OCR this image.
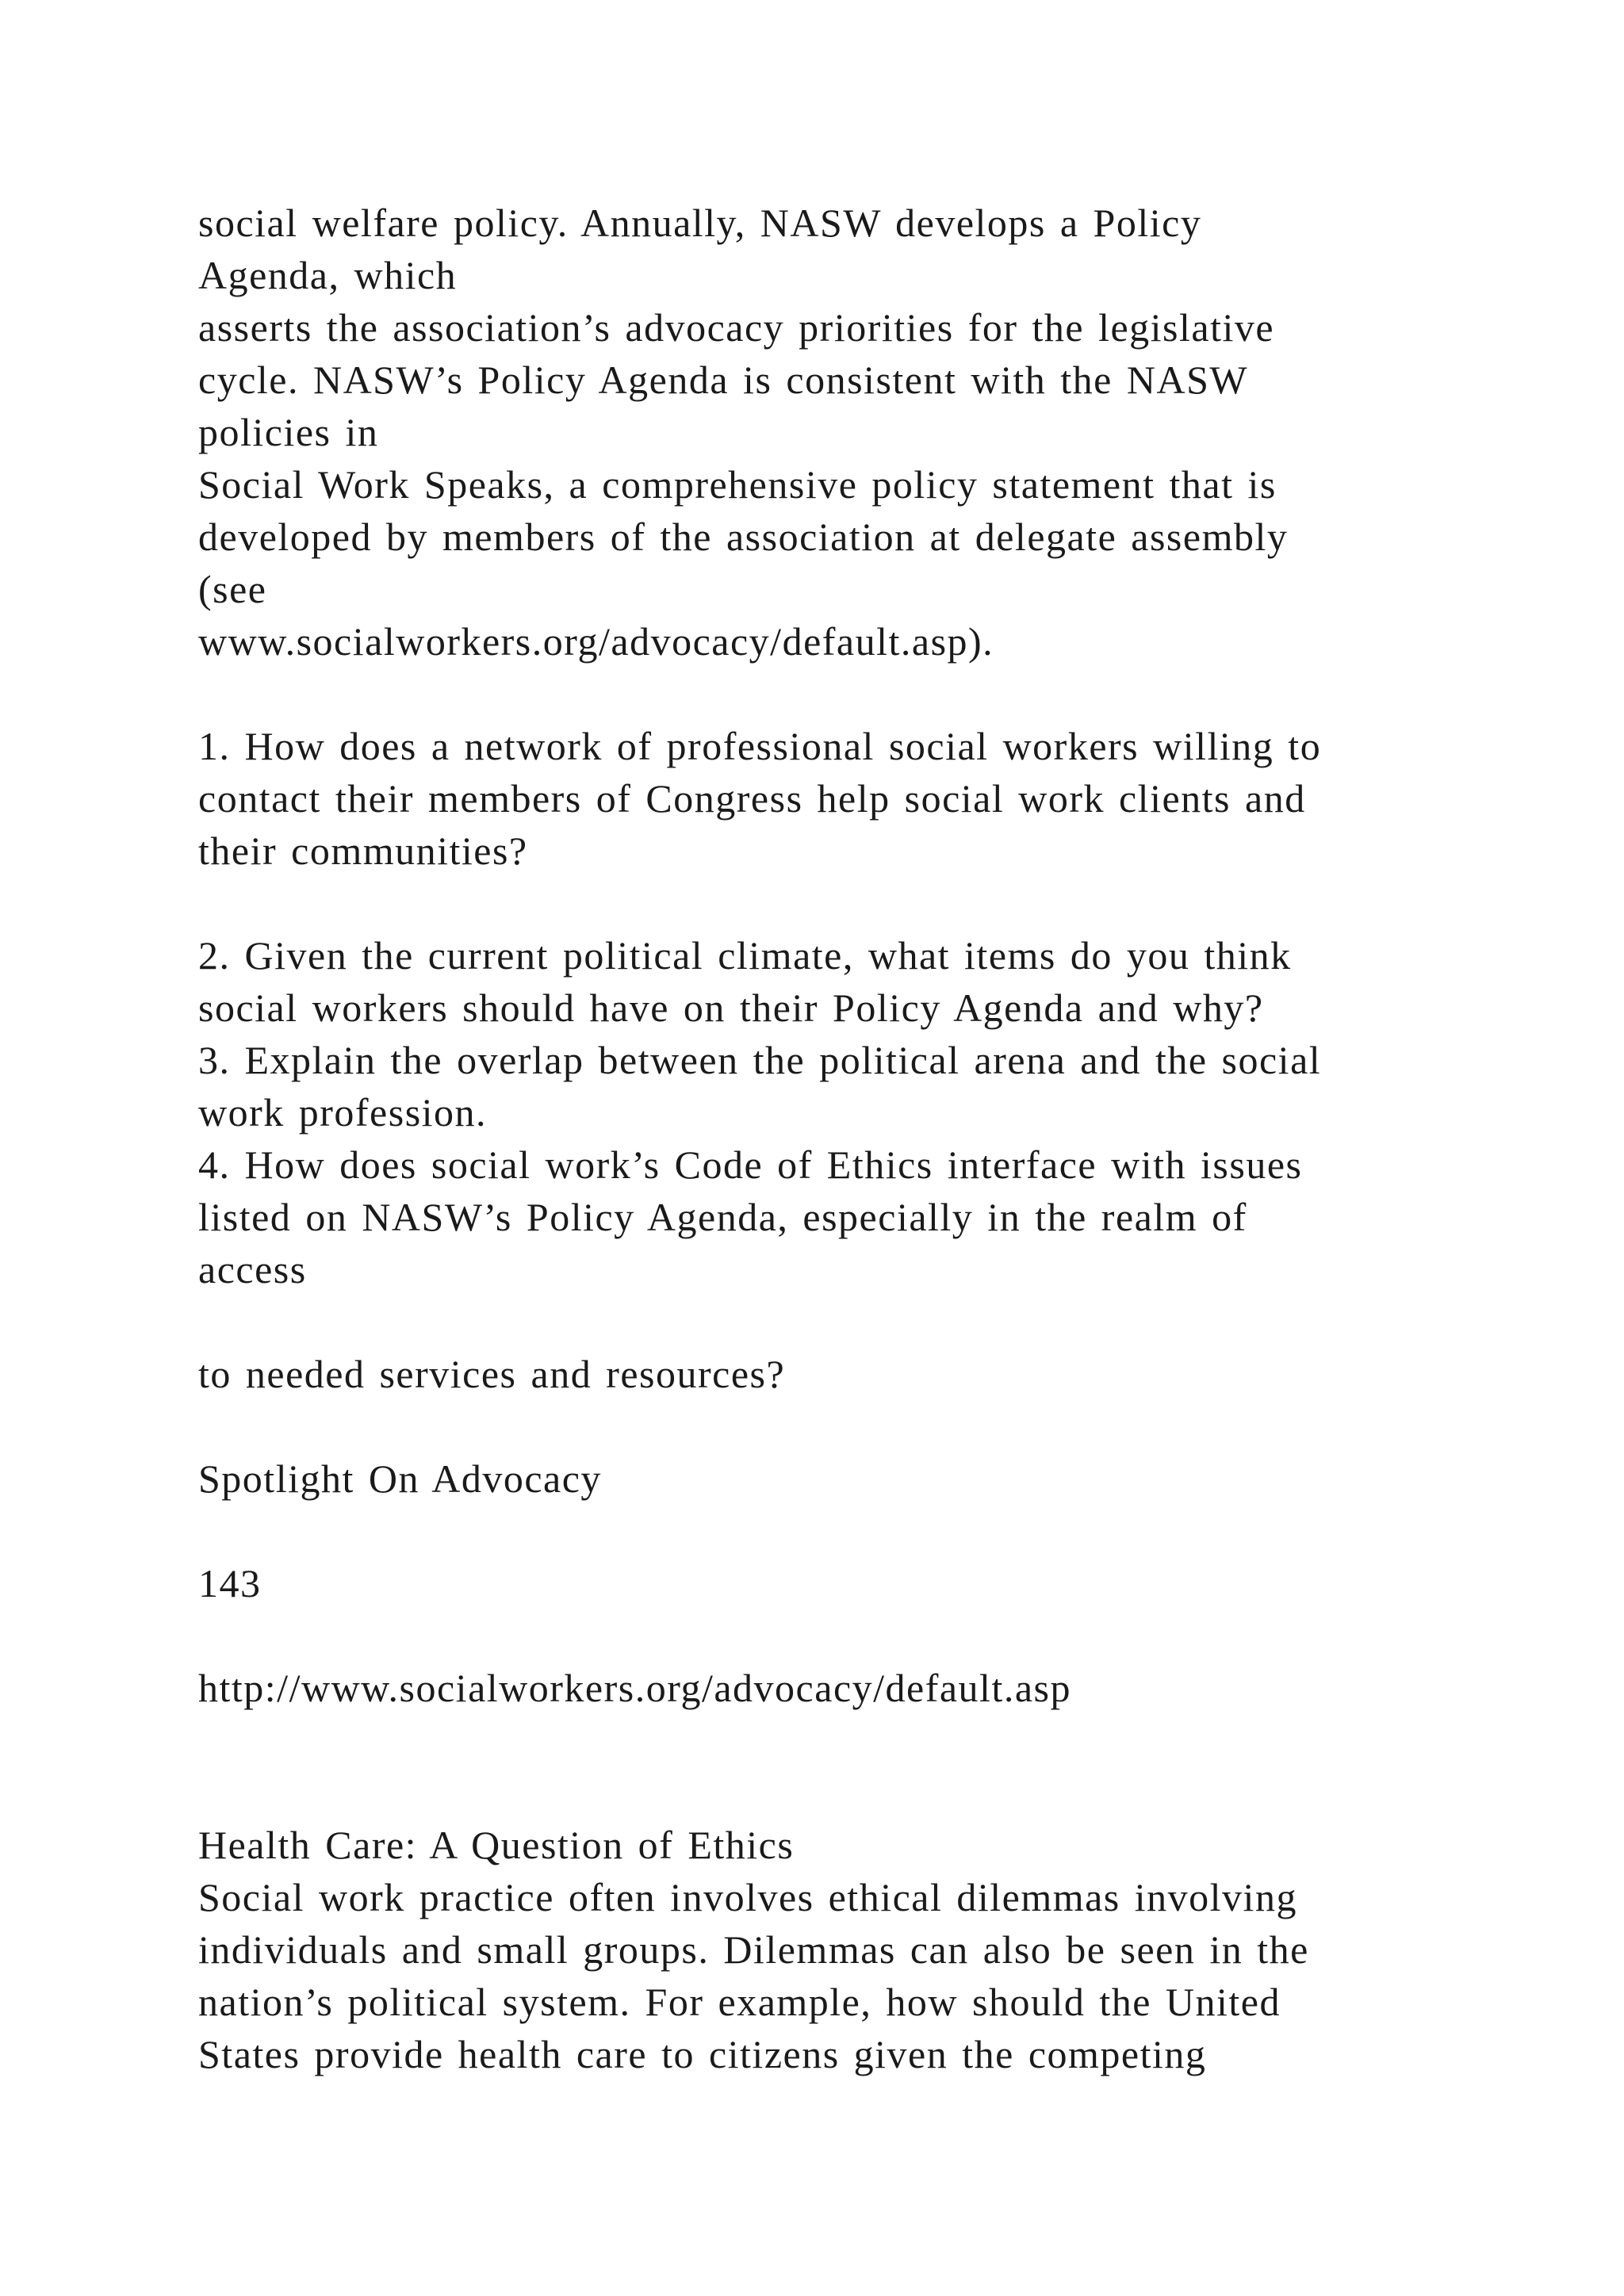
social welfare policy. Annually, NASW develops a Policy
Agenda, which
asserts the association’s advocacy priorities for the legislative
cycle. NASW’s Policy Agenda is consistent with the NASW
policies in
Social Work Speaks, a comprehensive policy statement that is
developed by members of the association at delegate assembly
(see
www.socialworkers.org/advocacy/default.asp).
1. How does a network of professional social workers willing to
contact their members of Congress help social work clients and
their communities?
2. Given the current political climate, what items do you think
social workers should have on their Policy Agenda and why?
3. Explain the overlap between the political arena and the social
work profession.
4. How does social work’s Code of Ethics interface with issues
listed on NASW’s Policy Agenda, especially in the realm of
access
to needed services and resources?
Spotlight On Advocacy
143
http://www.socialworkers.org/advocacy/default.asp
Health Care: A Question of Ethics
Social work practice often involves ethical dilemmas involving
individuals and small groups. Dilemmas can also be seen in the
nation’s political system. For example, how should the United
States provide health care to citizens given the competing
